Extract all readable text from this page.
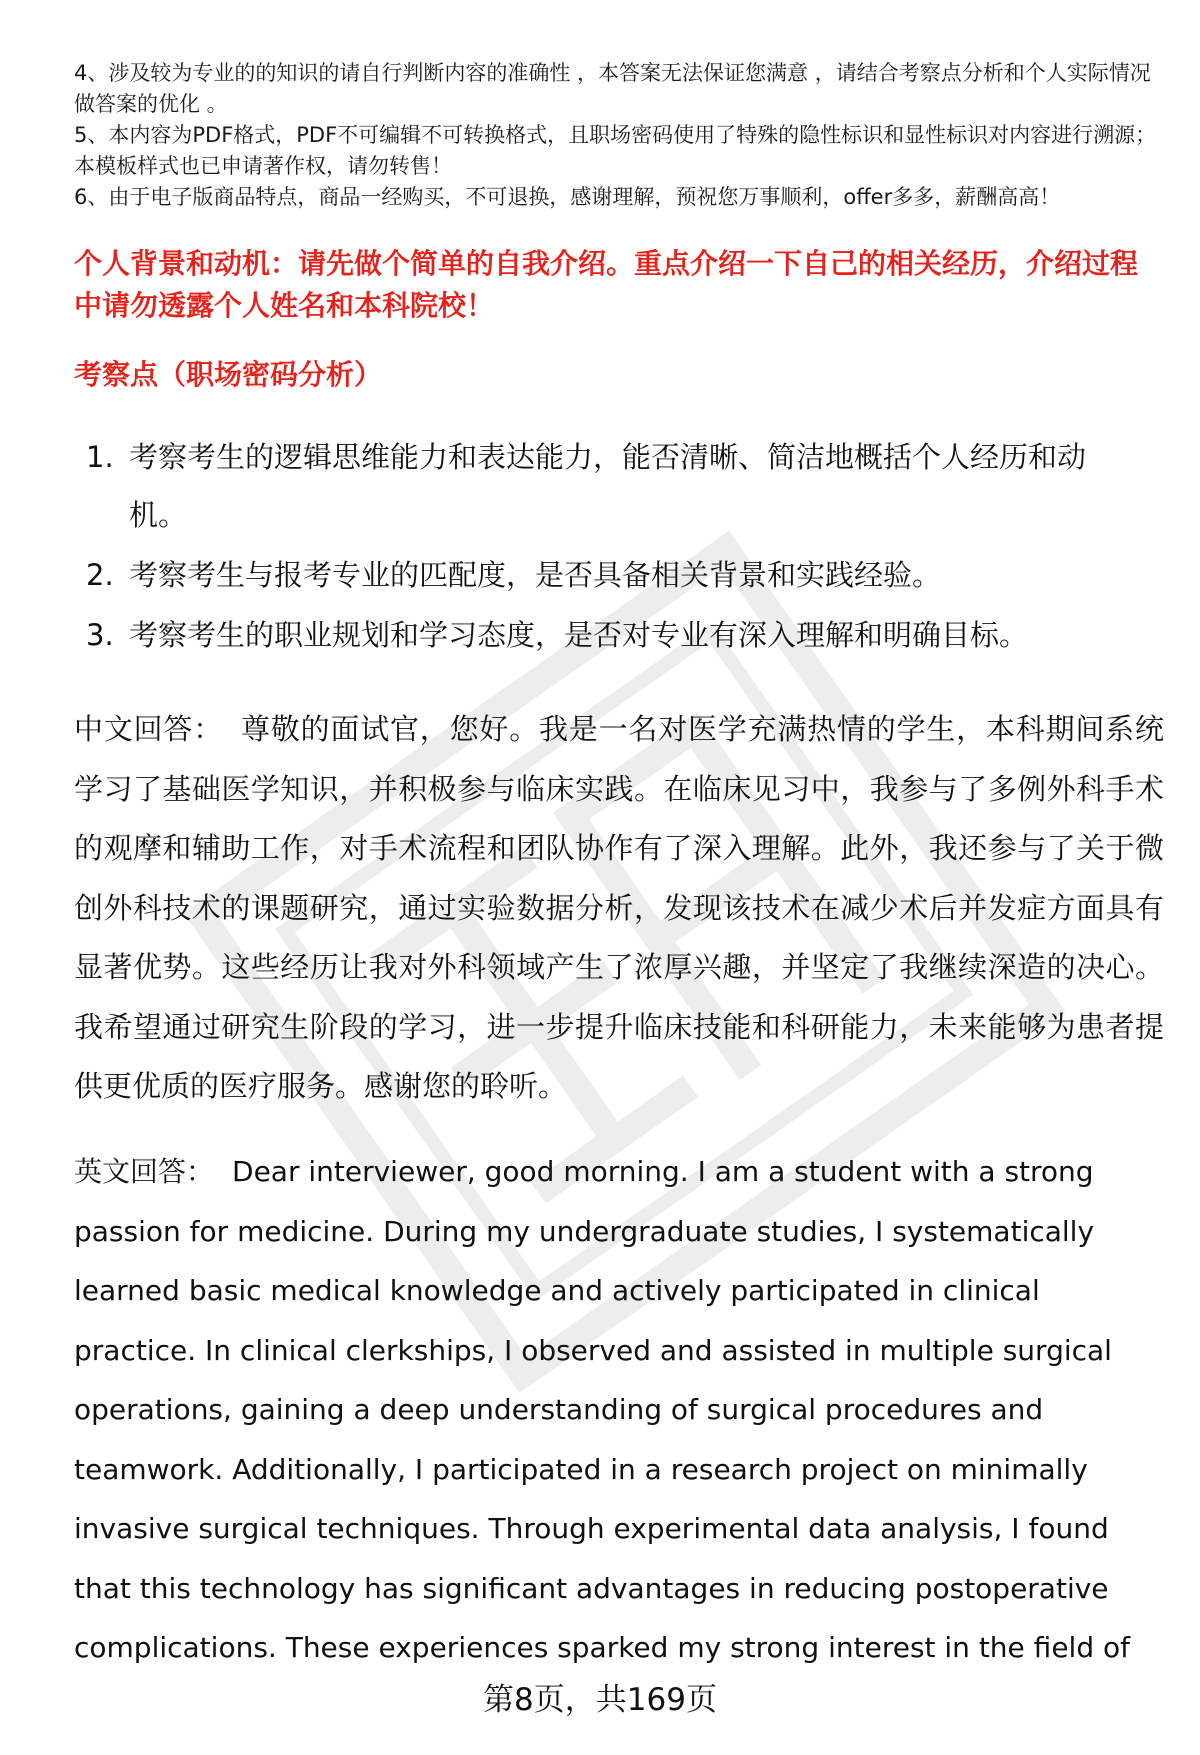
4、涉及较为专业的的知识的请自行判断内容的准确性 ，本答案无法保证您满意 ，请结合考察点分析和个人实际情况做答案的优化 。

5、本内容为PDF格式，PDF不可编辑不可转换格式，且职场密码使用了特殊的隐性标识和显性标识对内容进行溯源；本模板样式也已申请著作权，请勿转售！

6、由于电子版商品特点，商品一经购买，不可退换，感谢理解，预祝您万事顺利，offer多多，薪酬高高！

个人背景和动机：请先做个简单的自我介绍。重点介绍一下自己的相关经历，介绍过程中请勿透露个人姓名和本科院校！

考察点（职场密码分析）

1. 考察考生的逻辑思维能力和表达能力，能否清晰、简洁地概括个人经历和动机。
2. 考察考生与报考专业的匹配度，是否具备相关背景和实践经验。
3. 考察考生的职业规划和学习态度，是否对专业有深入理解和明确目标。

中文回答： 尊敬的面试官，您好。我是一名对医学充满热情的学生，本科期间系统学习了基础医学知识，并积极参与临床实践。在临床见习中，我参与了多例外科手术的观摩和辅助工作，对手术流程和团队协作有了深入理解。此外，我还参与了关于微创外科技术的课题研究，通过实验数据分析，发现该技术在减少术后并发症方面具有显著优势。这些经历让我对外科领域产生了浓厚兴趣，并坚定了我继续深造的决心。我希望通过研究生阶段的学习，进一步提升临床技能和科研能力，未来能够为患者提供更优质的医疗服务。感谢您的聆听。

英文回答： Dear interviewer, good morning. I am a student with a strong passion for medicine. During my undergraduate studies, I systematically learned basic medical knowledge and actively participated in clinical practice. In clinical clerkships, I observed and assisted in multiple surgical operations, gaining a deep understanding of surgical procedures and teamwork. Additionally, I participated in a research project on minimally invasive surgical techniques. Through experimental data analysis, I found that this technology has significant advantages in reducing postoperative complications. These experiences sparked my strong interest in the field of

第8页，共169页
